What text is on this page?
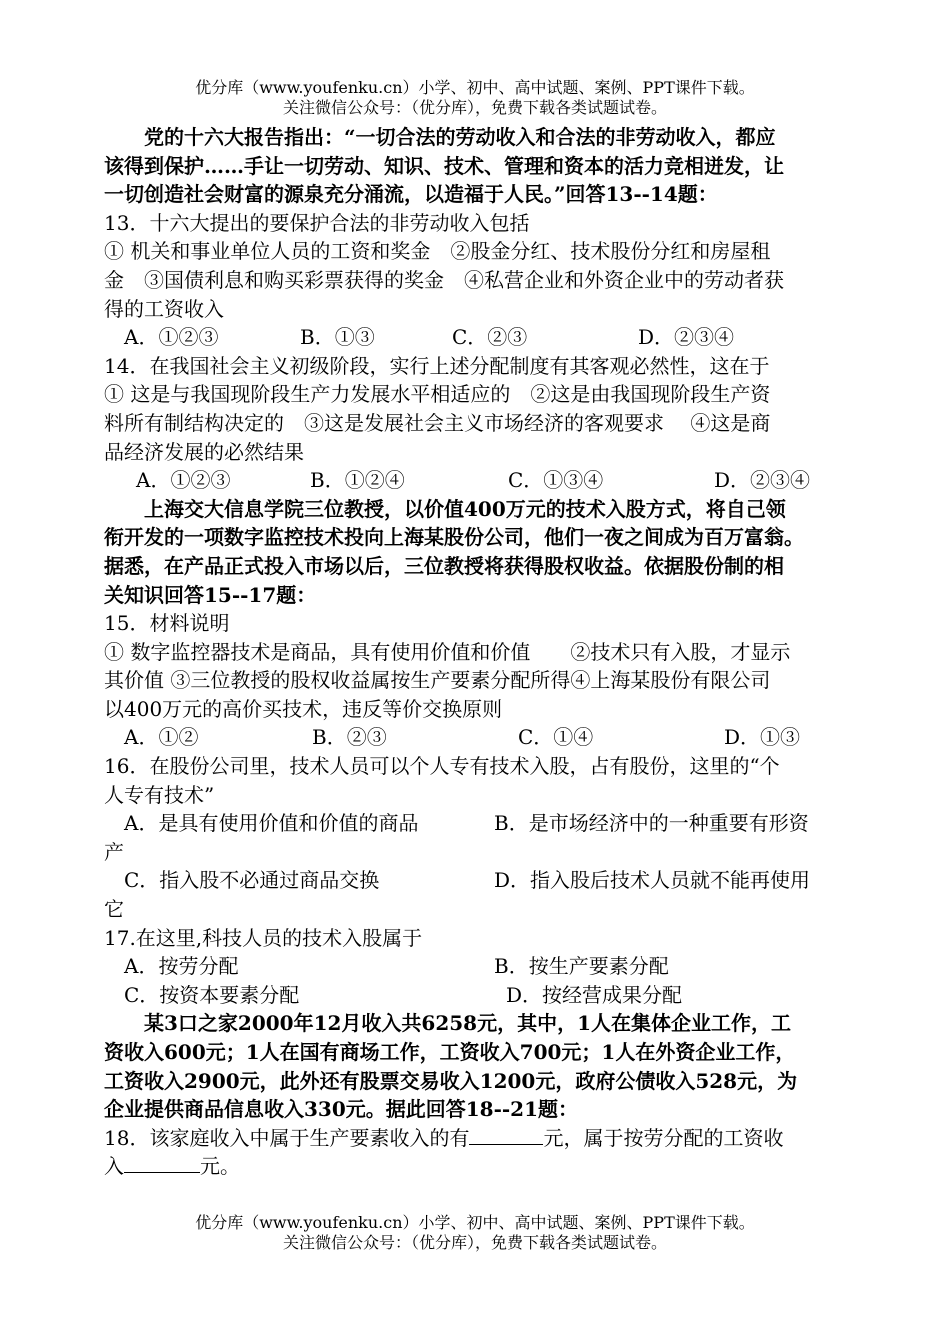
优分库（www.youfenku.cn）小学、初中、高中试题、案例、PPT课件下载。
关注微信公众号：（优分库），免费下载各类试题试卷。
党的十六大报告指出：“一切合法的劳动收入和合法的非劳动收入，都应
该得到保护……手让一切劳动、知识、技术、管理和资本的活力竞相迸发，让
一切创造社会财富的源泉充分涌流，以造福于人民。”回答13--14题：
13．十六大提出的要保护合法的非劳动收入包括
① 机关和事业单位人员的工资和奖金　②股金分红、技术股份分红和房屋租
金　③国债利息和购买彩票获得的奖金　④私营企业和外资企业中的劳动者获
得的工资收入
A．①②③	B．①③	C．②③	D．②③④
14．在我国社会主义初级阶段，实行上述分配制度有其客观必然性，这在于
① 这是与我国现阶段生产力发展水平相适应的　②这是由我国现阶段生产资
料所有制结构决定的　③这是发展社会主义市场经济的客观要求　 ④这是商
品经济发展的必然结果
A．①②③	B．①②④	C．①③④	D．②③④
上海交大信息学院三位教授，以价值400万元的技术入股方式，将自己领
衔开发的一项数字监控技术投向上海某股份公司，他们一夜之间成为百万富翁。
据悉，在产品正式投入市场以后，三位教授将获得股权收益。依据股份制的相
关知识回答15--17题：
15．材料说明
① 数字监控器技术是商品，具有使用价值和价值　　②技术只有入股，才显示
其价值 ③三位教授的股权收益属按生产要素分配所得④上海某股份有限公司
以400万元的高价买技术，违反等价交换原则
A．①②	B．②③	C．①④	D．①③
16．在股份公司里，技术人员可以个人专有技术入股，占有股份，这里的“个
人专有技术”
A．是具有使用价值和价值的商品	B．是市场经济中的一种重要有形资
产
C．指入股不必通过商品交换	D．指入股后技术人员就不能再使用
它
17.在这里,科技人员的技术入股属于
A．按劳分配	B．按生产要素分配
C．按资本要素分配	D．按经营成果分配
某3口之家2000年12月收入共6258元，其中，1人在集体企业工作，工
资收入600元；1人在国有商场工作，工资收入700元；1人在外资企业工作，
工资收入2900元，此外还有股票交易收入1200元，政府公债收入528元，为
企业提供商品信息收入330元。据此回答18--21题：
18．该家庭收入中属于生产要素收入的有	元，属于按劳分配的工资收
入	元。
优分库（www.youfenku.cn）小学、初中、高中试题、案例、PPT课件下载。
关注微信公众号：（优分库），免费下载各类试题试卷。
